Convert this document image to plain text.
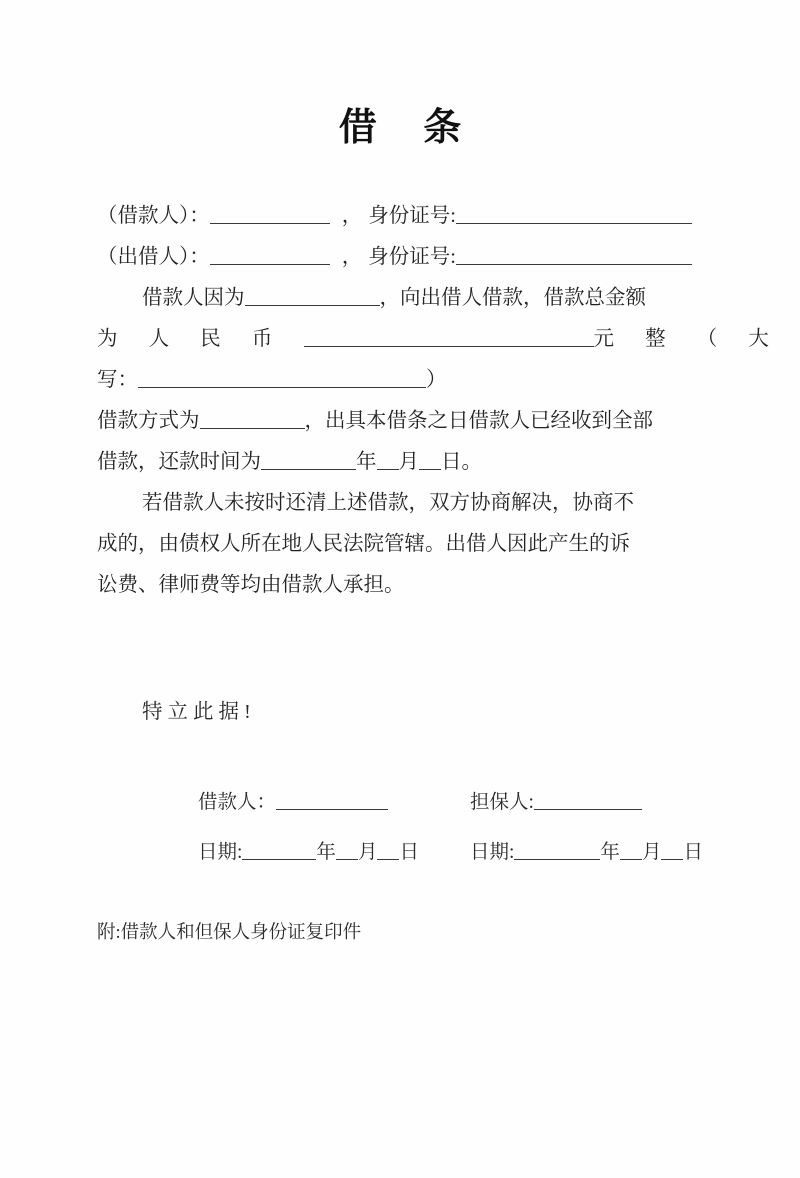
借 条
（借款人）：	， 身份证号:
（出借人）：	， 身份证号:
借款人因为	，向出借人借款，借款总金额
为 人 民 币	元 整 （ 大
写：	）
借款方式为	，出具本借条之日借款人已经收到全部
借款，还款时间为	年 月 日。
若借款人未按时还清上述借款，双方协商解决，协商不
成的，由债权人所在地人民法院管辖。出借人因此产生的诉
讼费、律师费等均由借款人承担。
特立此据!
借款人：	担保人:
日期:	年 月 日	日期:	年 月 日
附:借款人和但保人身份证复印件
